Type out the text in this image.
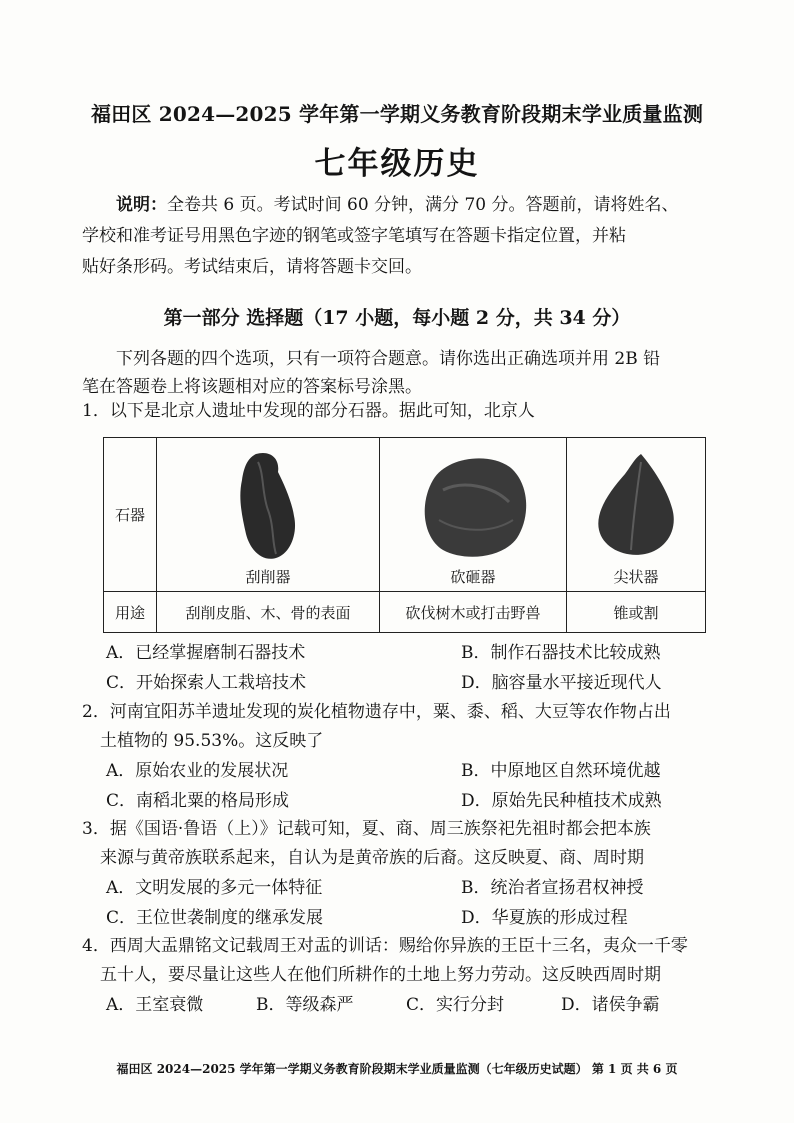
福田区 2024—2025 学年第一学期义务教育阶段期末学业质量监测
七年级历史

说明：全卷共 6 页。考试时间 60 分钟，满分 70 分。答题前，请将姓名、

学校和准考证号用黑色字迹的钢笔或签字笔填写在答题卡指定位置，并粘

贴好条形码。考试结束后，请将答题卡交回。

第一部分 选择题（17 小题，每小题 2 分，共 34 分）

下列各题的四个选项，只有一项符合题意。请你选出正确选项并用 2B 铅

笔在答题卷上将该题相对应的答案标号涂黑。

1．以下是北京人遗址中发现的部分石器。据此可知，北京人

石器	刮削器	砍砸器	尖状器

用途	刮削皮脂、木、骨的表面	砍伐树木或打击野兽	锥或割
A．已经掌握磨制石器技术	B．制作石器技术比较成熟
C．开始探索人工栽培技术	D．脑容量水平接近现代人

2．河南宜阳苏羊遗址发现的炭化植物遗存中，粟、黍、稻、大豆等农作物占出

土植物的 95.53%。这反映了

A．原始农业的发展状况	B．中原地区自然环境优越
C．南稻北粟的格局形成	D．原始先民种植技术成熟

3．据《国语·鲁语（上）》记载可知，夏、商、周三族祭祀先祖时都会把本族

来源与黄帝族联系起来，自认为是黄帝族的后裔。这反映夏、商、周时期

A．文明发展的多元一体特征	B．统治者宣扬君权神授
C．王位世袭制度的继承发展	D．华夏族的形成过程

4．西周大盂鼎铭文记载周王对盂的训话：赐给你异族的王臣十三名，夷众一千零

五十人，要尽量让这些人在他们所耕作的土地上努力劳动。这反映西周时期

A．王室衰微	B．等级森严	C．实行分封	D．诸侯争霸
福田区 2024—2025 学年第一学期义务教育阶段期末学业质量监测（七年级历史试题） 第 1 页 共 6 页
